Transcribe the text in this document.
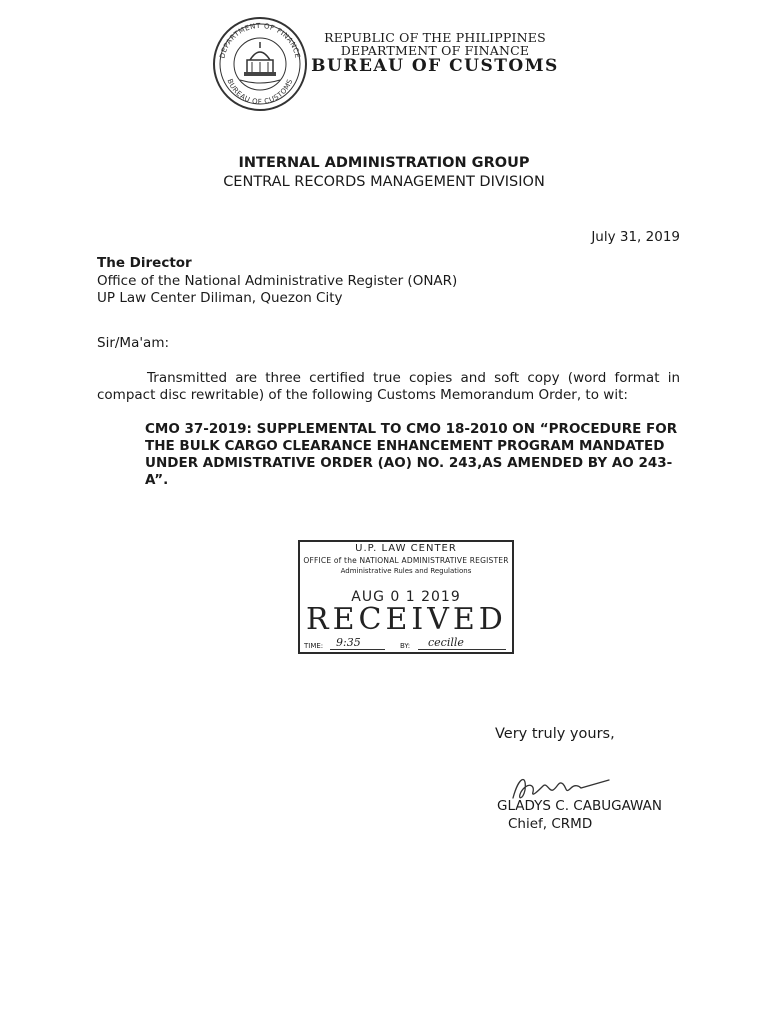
DEPARTMENT OF FINANCE
BUREAU OF CUSTOMS
REPUBLIC OF THE PHILIPPINES
DEPARTMENT OF FINANCE
BUREAU OF CUSTOMS
INTERNAL ADMINISTRATION GROUP
CENTRAL RECORDS MANAGEMENT DIVISION
July 31, 2019
The Director
Office of the National Administrative Register (ONAR)
UP Law Center Diliman, Quezon City
Sir/Ma'am:

Transmitted are three certified true copies and soft copy (word format in compact disc rewritable) of the following Customs Memorandum Order, to wit:

CMO 37-2019: SUPPLEMENTAL TO CMO 18-2010 ON “PROCEDURE FOR THE BULK CARGO CLEARANCE ENHANCEMENT PROGRAM MANDATED UNDER ADMISTRATIVE ORDER (AO) NO. 243,AS AMENDED BY AO 243- A”.

U.P. LAW CENTER
OFFICE of the NATIONAL ADMINISTRATIVE REGISTER
Administrative Rules and Regulations
AUG 0 1 2019
RECEIVED
TIME: 9:35	BY: cecille
Very truly yours,
GLADYS C. CABUGAWAN
Chief, CRMD
